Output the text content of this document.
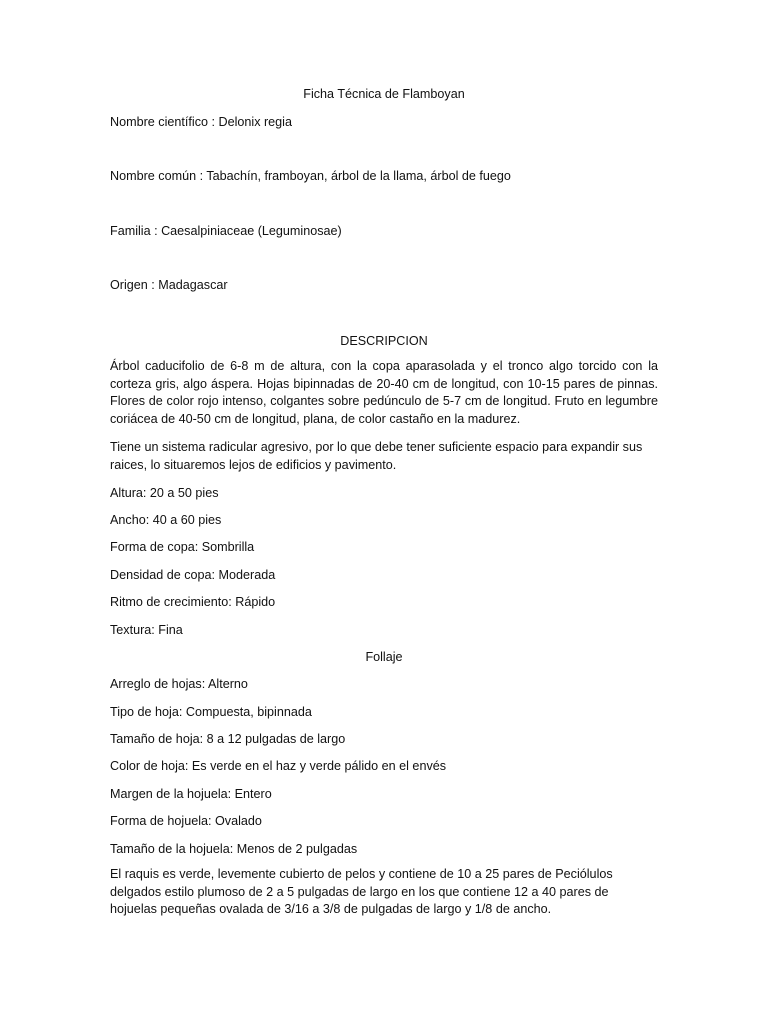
Ficha Técnica de Flamboyan
Nombre científico : Delonix regia
Nombre común : Tabachín, framboyan, árbol de la llama, árbol de fuego
Familia : Caesalpiniaceae (Leguminosae)
Origen : Madagascar
DESCRIPCION
Árbol caducifolio de 6-8 m de altura, con la copa aparasolada y el tronco algo torcido con la corteza gris, algo áspera. Hojas bipinnadas de 20-40 cm de longitud, con 10-15 pares de pinnas. Flores de color rojo intenso, colgantes sobre pedúnculo de 5-7 cm de longitud. Fruto en legumbre coriácea de 40-50 cm de longitud, plana, de color castaño en la madurez.
Tiene un sistema radicular agresivo, por lo que debe tener suficiente espacio para expandir sus raices, lo situaremos lejos de edificios y pavimento.
Altura: 20 a 50 pies
Ancho: 40 a 60 pies
Forma de copa: Sombrilla
Densidad de copa: Moderada
Ritmo de crecimiento: Rápido
Textura: Fina
Follaje
Arreglo de hojas: Alterno
Tipo de hoja: Compuesta, bipinnada
Tamaño de hoja: 8 a 12 pulgadas de largo
Color de hoja: Es verde en el haz y verde pálido en el envés
Margen de la hojuela: Entero
Forma de hojuela: Ovalado
Tamaño de la hojuela: Menos de 2 pulgadas
El raquis es verde, levemente cubierto de pelos y contiene de 10 a 25 pares de Peciólulos delgados estilo plumoso de 2 a 5 pulgadas de largo en los que contiene 12 a 40 pares de hojuelas pequeñas ovalada de 3/16 a 3/8 de pulgadas de largo y 1/8 de ancho.
